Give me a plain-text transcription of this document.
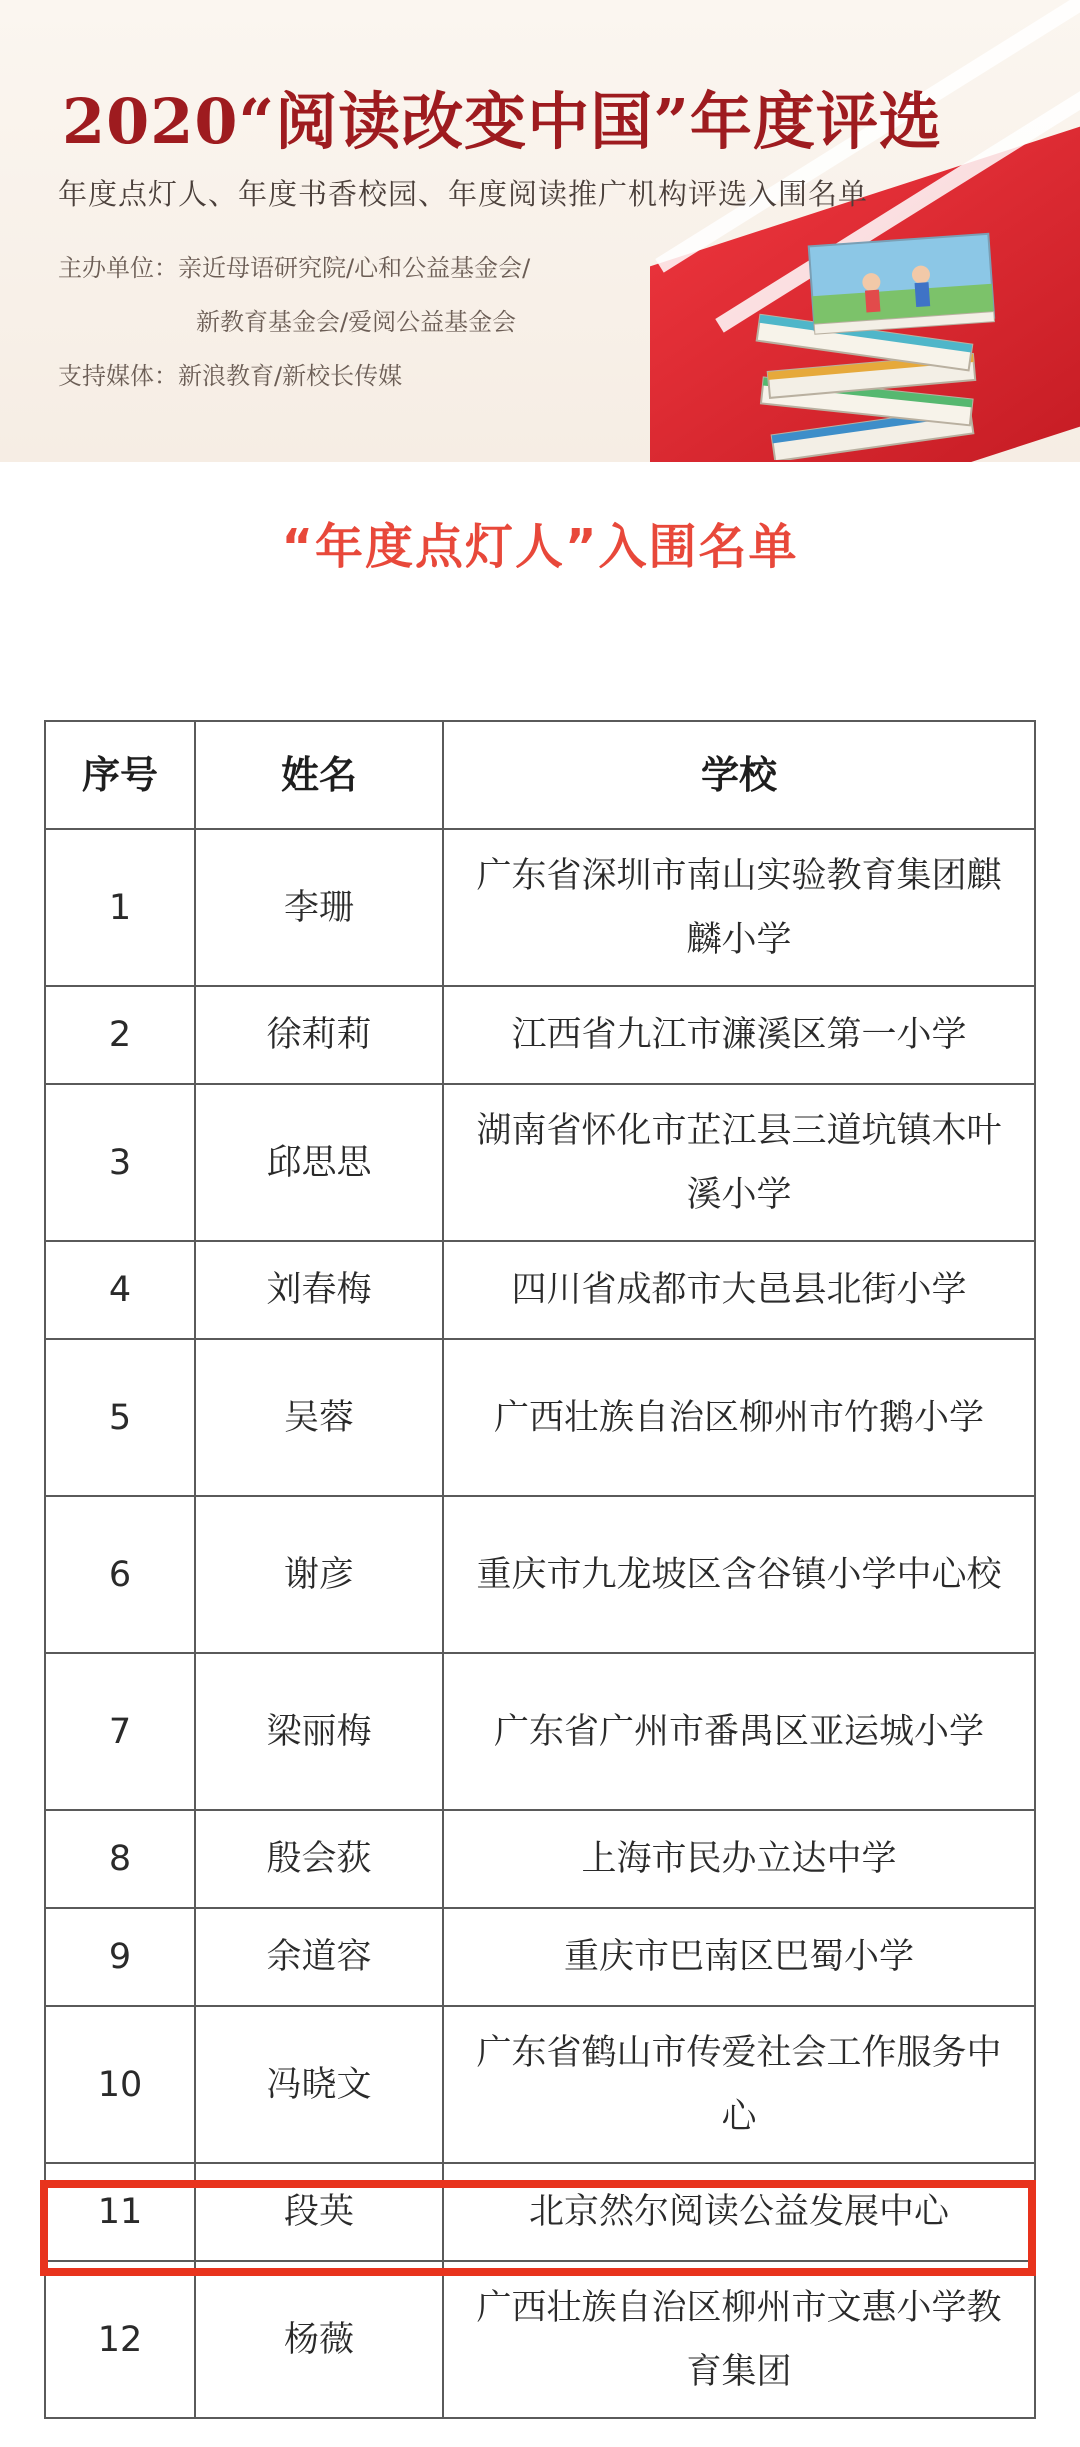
2020“阅读改变中国”年度评选
年度点灯人、年度书香校园、年度阅读推广机构评选入围名单
主办单位：亲近母语研究院/心和公益基金会/
新教育基金会/爱阅公益基金会
支持媒体：新浪教育/新校长传媒
“年度点灯人”入围名单
序号	姓名	学校
1	李珊	广东省深圳市南山实验教育集团麒麟小学
2	徐莉莉	江西省九江市濂溪区第一小学
3	邱思思	湖南省怀化市芷江县三道坑镇木叶溪小学
4	刘春梅	四川省成都市大邑县北街小学
5	吴蓉	广西壮族自治区柳州市竹鹅小学
6	谢彦	重庆市九龙坡区含谷镇小学中心校
7	梁丽梅	广东省广州市番禺区亚运城小学
8	殷会荻	上海市民办立达中学
9	余道容	重庆市巴南区巴蜀小学
10	冯晓文	广东省鹤山市传爱社会工作服务中心
11	段英	北京然尔阅读公益发展中心
12	杨薇	广西壮族自治区柳州市文惠小学教育集团
